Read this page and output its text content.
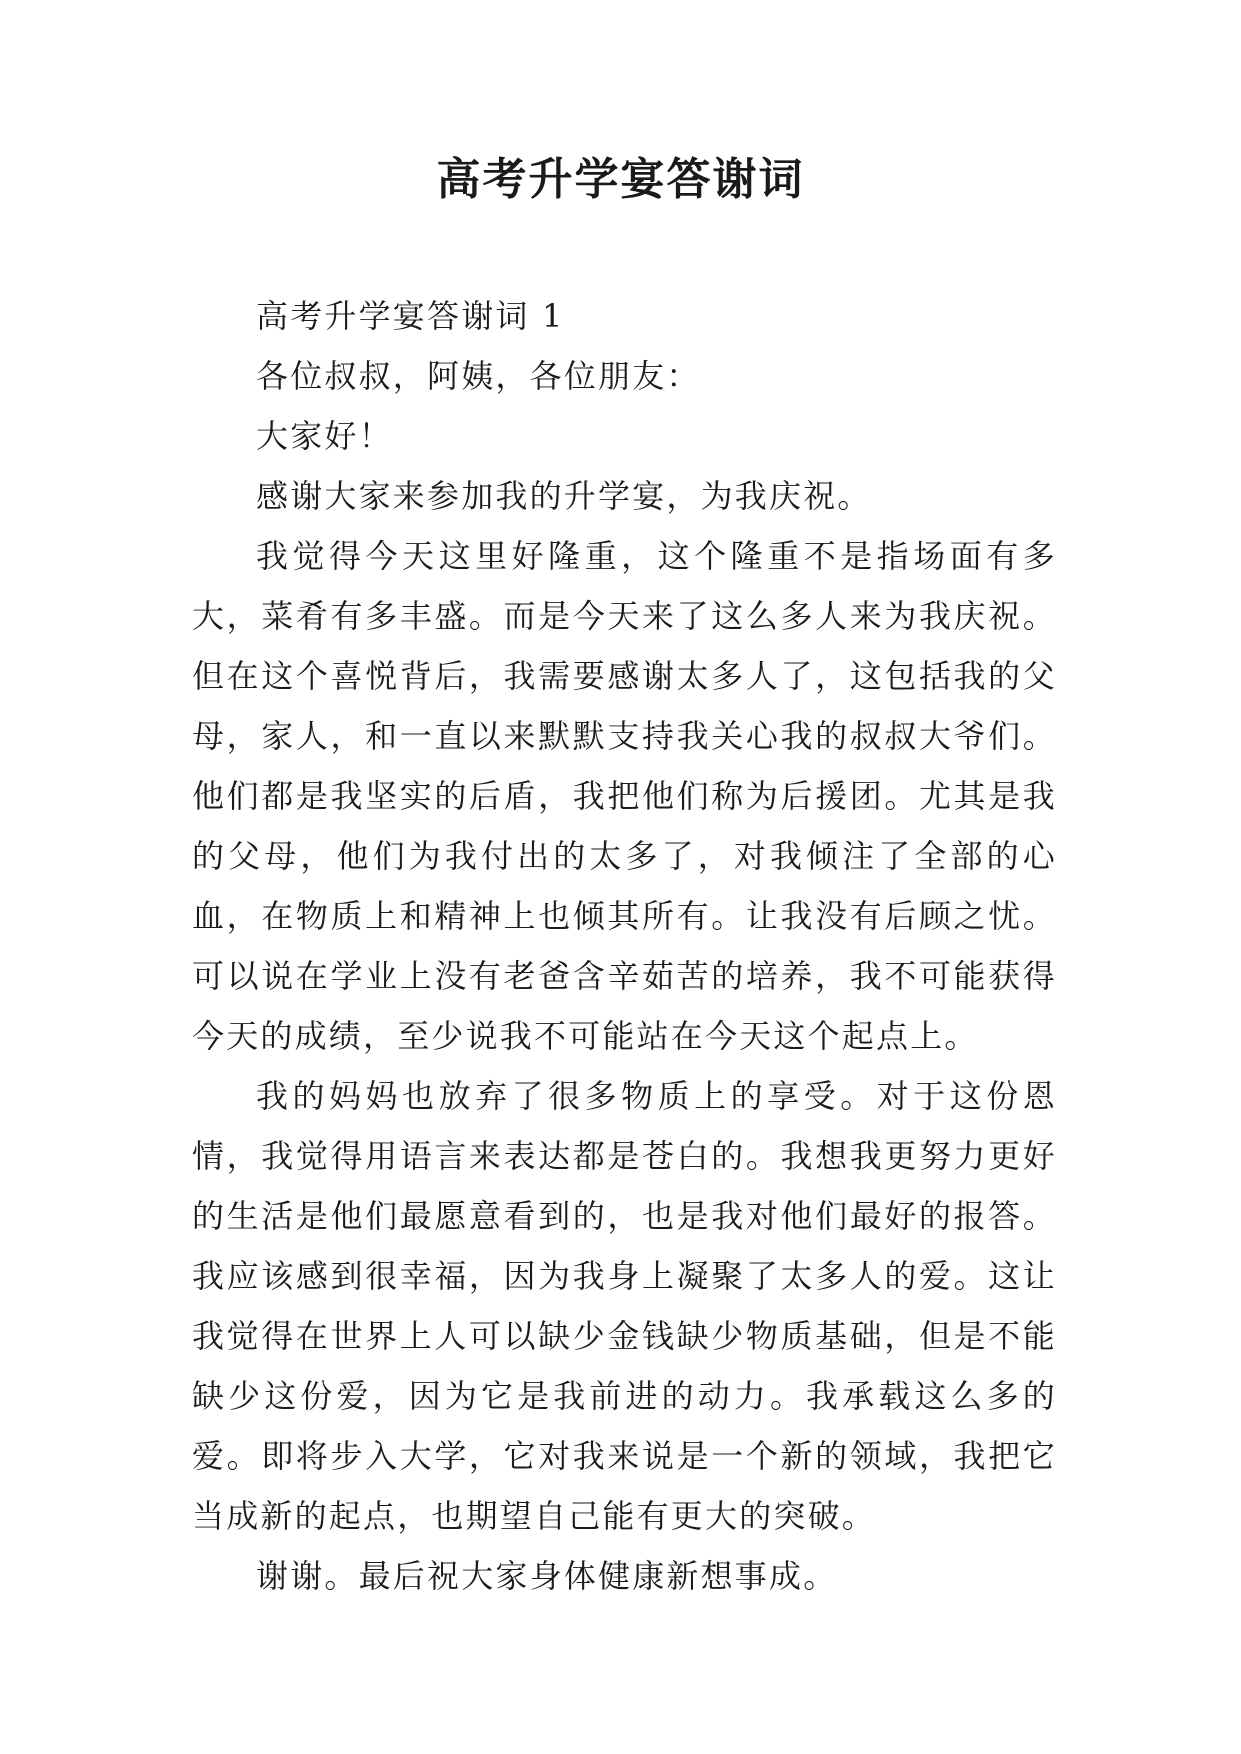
高考升学宴答谢词

高考升学宴答谢词 1

各位叔叔，阿姨，各位朋友：

大家好！

感谢大家来参加我的升学宴，为我庆祝。

我觉得今天这里好隆重，这个隆重不是指场面有多大，菜肴有多丰盛。而是今天来了这么多人来为我庆祝。但在这个喜悦背后，我需要感谢太多人了，这包括我的父母，家人，和一直以来默默支持我关心我的叔叔大爷们。他们都是我坚实的后盾，我把他们称为后援团。尤其是我的父母，他们为我付出的太多了，对我倾注了全部的心血，在物质上和精神上也倾其所有。让我没有后顾之忧。可以说在学业上没有老爸含辛茹苦的培养，我不可能获得今天的成绩，至少说我不可能站在今天这个起点上。

我的妈妈也放弃了很多物质上的享受。对于这份恩情，我觉得用语言来表达都是苍白的。我想我更努力更好的生活是他们最愿意看到的，也是我对他们最好的报答。我应该感到很幸福，因为我身上凝聚了太多人的爱。这让我觉得在世界上人可以缺少金钱缺少物质基础，但是不能缺少这份爱，因为它是我前进的动力。我承载这么多的爱。即将步入大学，它对我来说是一个新的领域，我把它当成新的起点，也期望自己能有更大的突破。

谢谢。最后祝大家身体健康新想事成。
